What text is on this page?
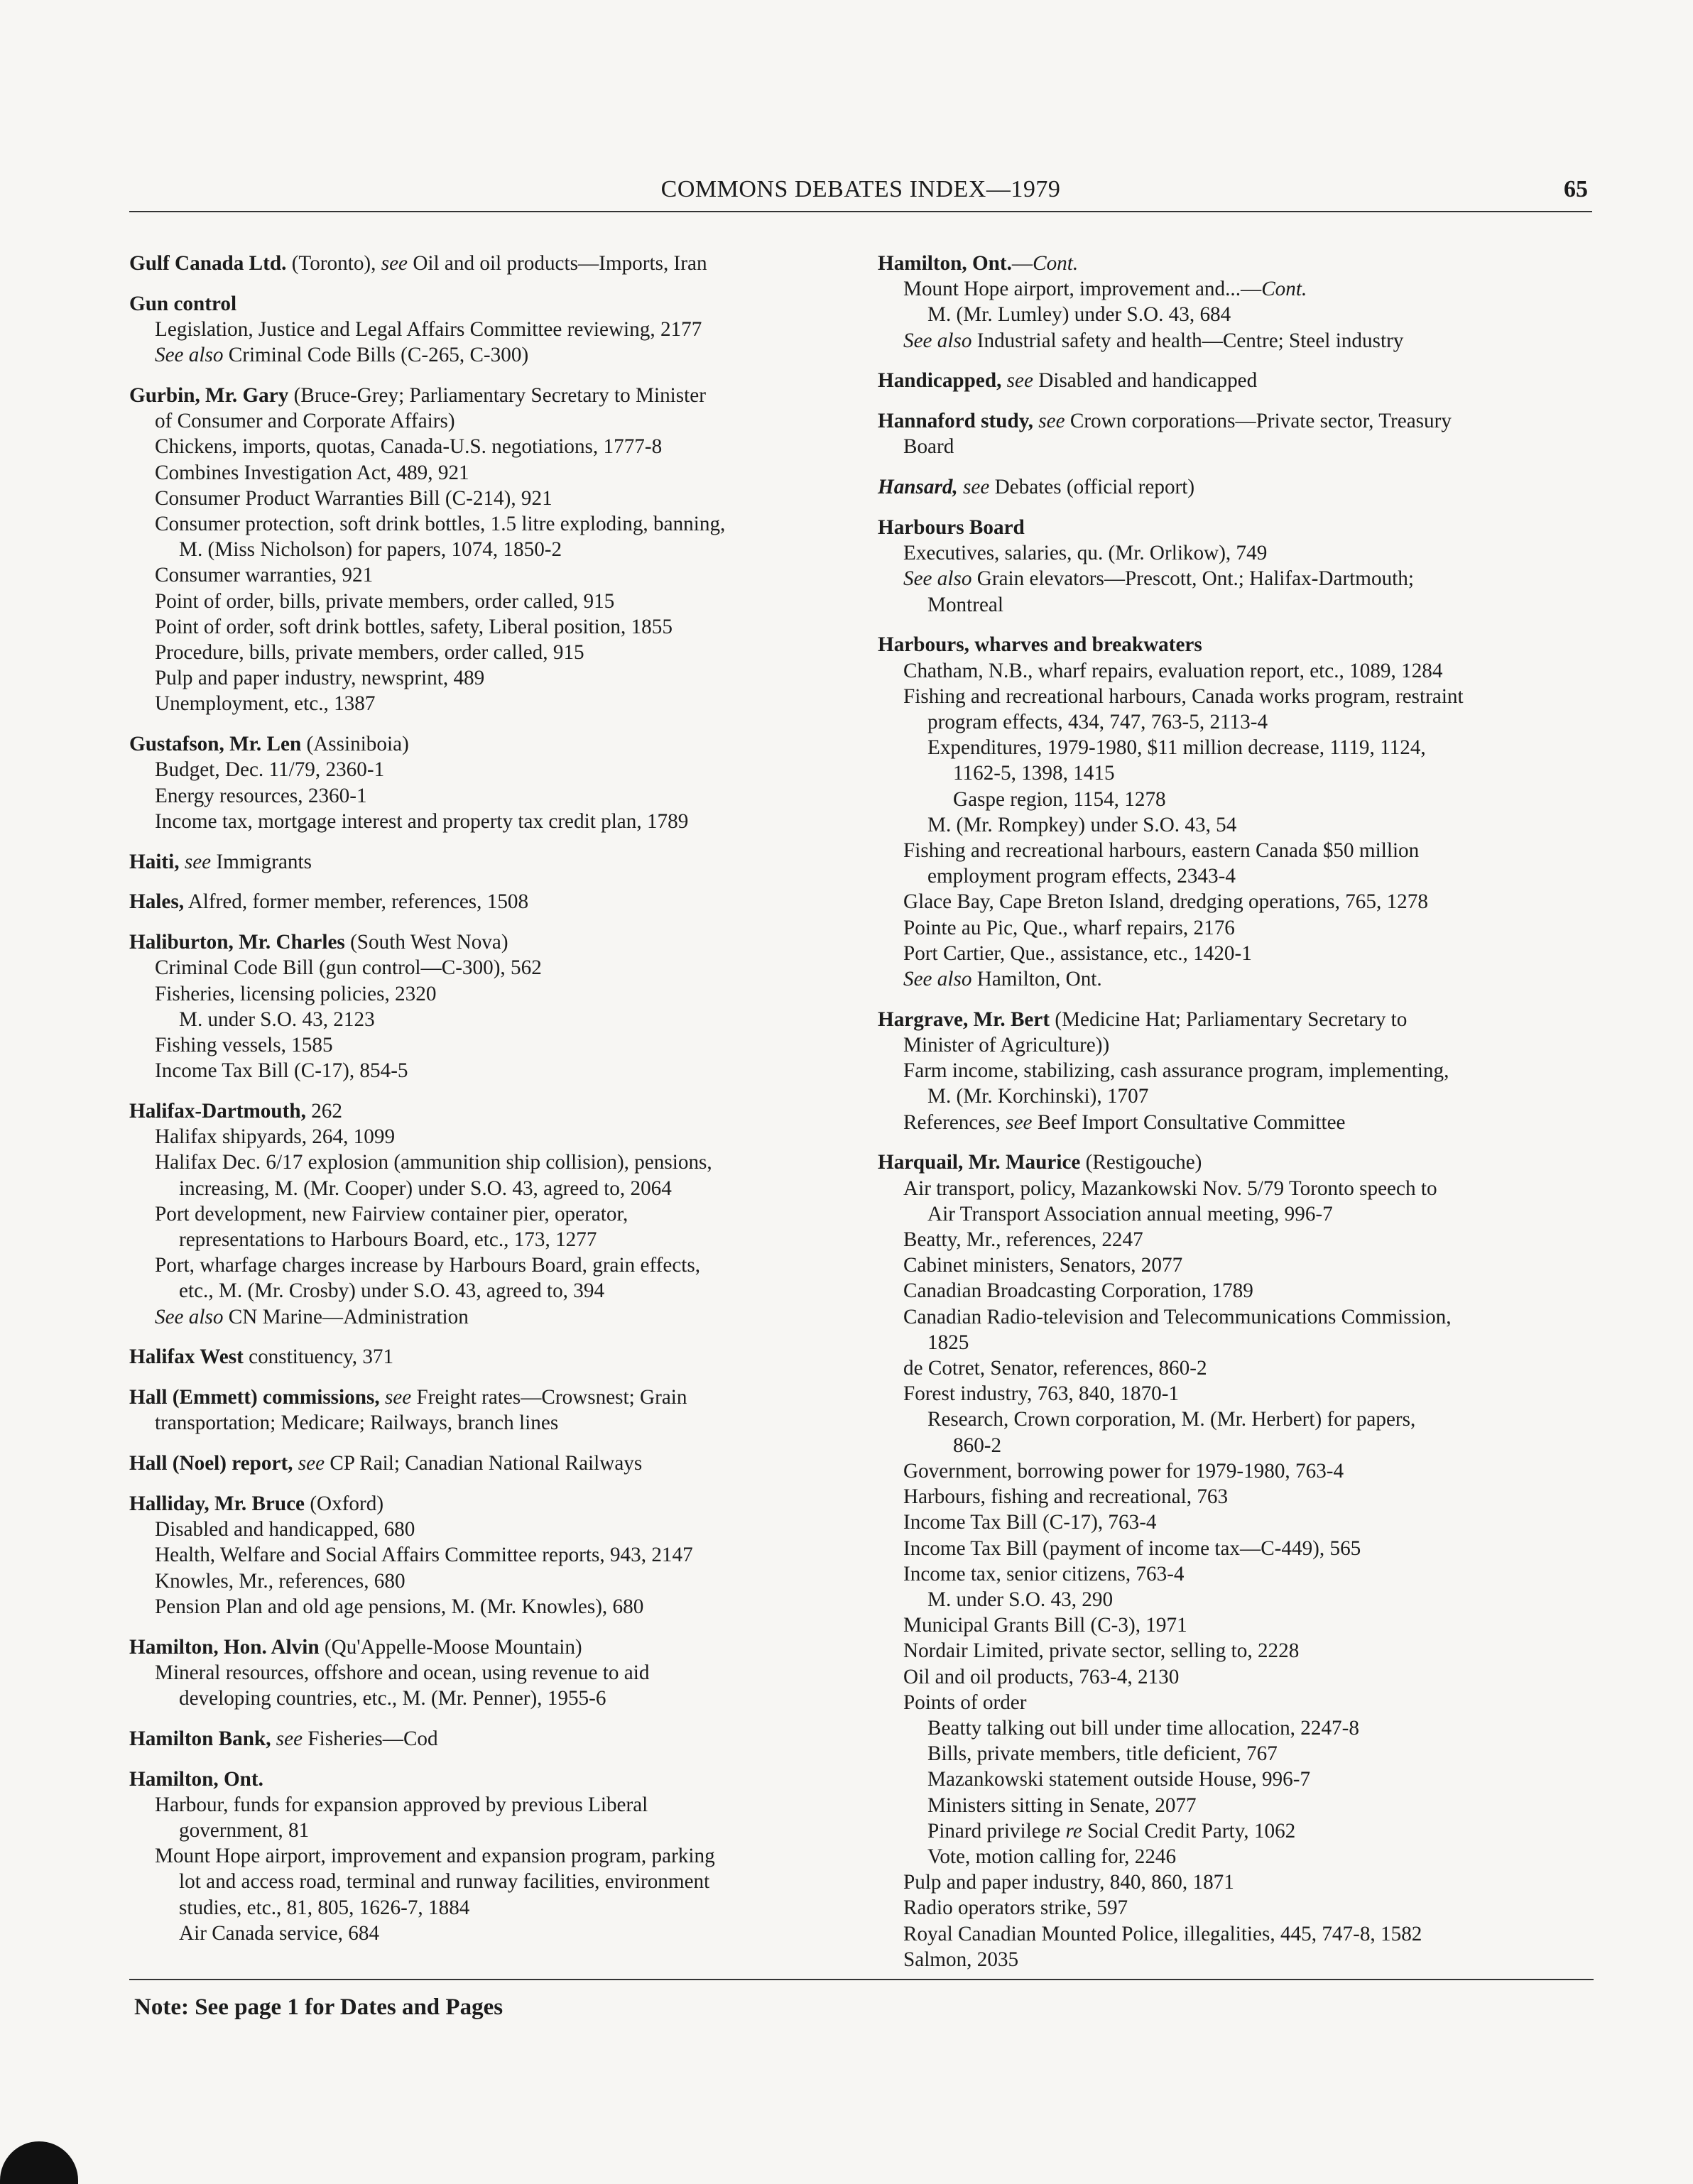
COMMONS DEBATES INDEX—1979	65
Gulf Canada Ltd. (Toronto), see Oil and oil products—Imports, Iran
Gun control
Legislation, Justice and Legal Affairs Committee reviewing, 2177
See also Criminal Code Bills (C-265, C-300)
Gurbin, Mr. Gary (Bruce-Grey; Parliamentary Secretary to Minister
of Consumer and Corporate Affairs)
Chickens, imports, quotas, Canada-U.S. negotiations, 1777-8
Combines Investigation Act, 489, 921
Consumer Product Warranties Bill (C-214), 921
Consumer protection, soft drink bottles, 1.5 litre exploding, banning,
M. (Miss Nicholson) for papers, 1074, 1850-2
Consumer warranties, 921
Point of order, bills, private members, order called, 915
Point of order, soft drink bottles, safety, Liberal position, 1855
Procedure, bills, private members, order called, 915
Pulp and paper industry, newsprint, 489
Unemployment, etc., 1387
Gustafson, Mr. Len (Assiniboia)
Budget, Dec. 11/79, 2360-1
Energy resources, 2360-1
Income tax, mortgage interest and property tax credit plan, 1789
Haiti, see Immigrants
Hales, Alfred, former member, references, 1508
Haliburton, Mr. Charles (South West Nova)
Criminal Code Bill (gun control—C-300), 562
Fisheries, licensing policies, 2320
M. under S.O. 43, 2123
Fishing vessels, 1585
Income Tax Bill (C-17), 854-5
Halifax-Dartmouth, 262
Halifax shipyards, 264, 1099
Halifax Dec. 6/17 explosion (ammunition ship collision), pensions,
increasing, M. (Mr. Cooper) under S.O. 43, agreed to, 2064
Port development, new Fairview container pier, operator,
representations to Harbours Board, etc., 173, 1277
Port, wharfage charges increase by Harbours Board, grain effects,
etc., M. (Mr. Crosby) under S.O. 43, agreed to, 394
See also CN Marine—Administration
Halifax West constituency, 371
Hall (Emmett) commissions, see Freight rates—Crowsnest; Grain
transportation; Medicare; Railways, branch lines
Hall (Noel) report, see CP Rail; Canadian National Railways
Halliday, Mr. Bruce (Oxford)
Disabled and handicapped, 680
Health, Welfare and Social Affairs Committee reports, 943, 2147
Knowles, Mr., references, 680
Pension Plan and old age pensions, M. (Mr. Knowles), 680
Hamilton, Hon. Alvin (Qu'Appelle-Moose Mountain)
Mineral resources, offshore and ocean, using revenue to aid
developing countries, etc., M. (Mr. Penner), 1955-6
Hamilton Bank, see Fisheries—Cod
Hamilton, Ont.
Harbour, funds for expansion approved by previous Liberal
government, 81
Mount Hope airport, improvement and expansion program, parking
lot and access road, terminal and runway facilities, environment
studies, etc., 81, 805, 1626-7, 1884
Air Canada service, 684
Hamilton, Ont.—Cont.
Mount Hope airport, improvement and...—Cont.
M. (Mr. Lumley) under S.O. 43, 684
See also Industrial safety and health—Centre; Steel industry
Handicapped, see Disabled and handicapped
Hannaford study, see Crown corporations—Private sector, Treasury
Board
Hansard, see Debates (official report)
Harbours Board
Executives, salaries, qu. (Mr. Orlikow), 749
See also Grain elevators—Prescott, Ont.; Halifax-Dartmouth;
Montreal
Harbours, wharves and breakwaters
Chatham, N.B., wharf repairs, evaluation report, etc., 1089, 1284
Fishing and recreational harbours, Canada works program, restraint
program effects, 434, 747, 763-5, 2113-4
Expenditures, 1979-1980, $11 million decrease, 1119, 1124,
1162-5, 1398, 1415
Gaspe region, 1154, 1278
M. (Mr. Rompkey) under S.O. 43, 54
Fishing and recreational harbours, eastern Canada $50 million
employment program effects, 2343-4
Glace Bay, Cape Breton Island, dredging operations, 765, 1278
Pointe au Pic, Que., wharf repairs, 2176
Port Cartier, Que., assistance, etc., 1420-1
See also Hamilton, Ont.
Hargrave, Mr. Bert (Medicine Hat; Parliamentary Secretary to
Minister of Agriculture))
Farm income, stabilizing, cash assurance program, implementing,
M. (Mr. Korchinski), 1707
References, see Beef Import Consultative Committee
Harquail, Mr. Maurice (Restigouche)
Air transport, policy, Mazankowski Nov. 5/79 Toronto speech to
Air Transport Association annual meeting, 996-7
Beatty, Mr., references, 2247
Cabinet ministers, Senators, 2077
Canadian Broadcasting Corporation, 1789
Canadian Radio-television and Telecommunications Commission,
1825
de Cotret, Senator, references, 860-2
Forest industry, 763, 840, 1870-1
Research, Crown corporation, M. (Mr. Herbert) for papers,
860-2
Government, borrowing power for 1979-1980, 763-4
Harbours, fishing and recreational, 763
Income Tax Bill (C-17), 763-4
Income Tax Bill (payment of income tax—C-449), 565
Income tax, senior citizens, 763-4
M. under S.O. 43, 290
Municipal Grants Bill (C-3), 1971
Nordair Limited, private sector, selling to, 2228
Oil and oil products, 763-4, 2130
Points of order
Beatty talking out bill under time allocation, 2247-8
Bills, private members, title deficient, 767
Mazankowski statement outside House, 996-7
Ministers sitting in Senate, 2077
Pinard privilege re Social Credit Party, 1062
Vote, motion calling for, 2246
Pulp and paper industry, 840, 860, 1871
Radio operators strike, 597
Royal Canadian Mounted Police, illegalities, 445, 747-8, 1582
Salmon, 2035
Note: See page 1 for Dates and Pages
